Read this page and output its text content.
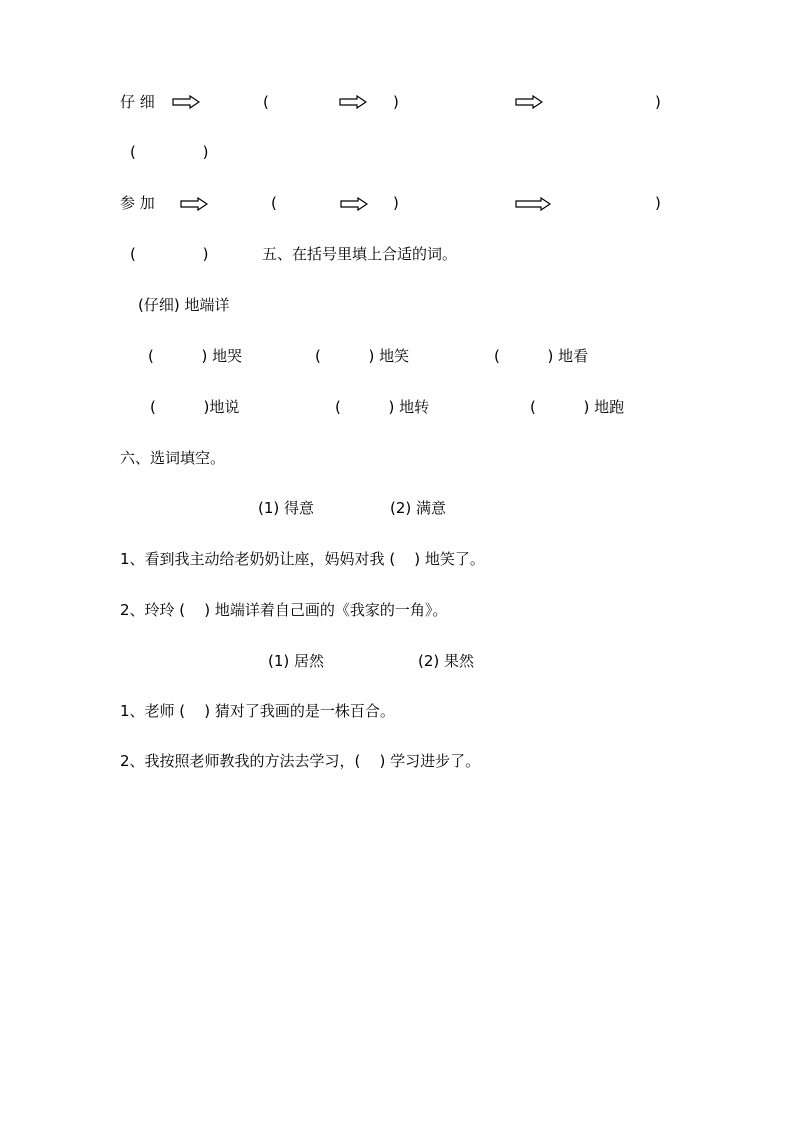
仔 细	(	)	)
(              )
参 加	(	)	)
(              )	五、在括号里填上合适的词。
(仔细) 地端详
(          ) 地哭	(          ) 地笑	(          ) 地看
(          )地说	(          ) 地转	(          ) 地跑
六、选词填空。
(1) 得意	(2) 满意
1、看到我主动给老奶奶让座，妈妈对我 (    ) 地笑了。
2、玲玲 (    ) 地端详着自己画的《我家的一角》。
(1) 居然	(2) 果然
1、老师 (    ) 猜对了我画的是一株百合。
2、我按照老师教我的方法去学习，(    ) 学习进步了。
